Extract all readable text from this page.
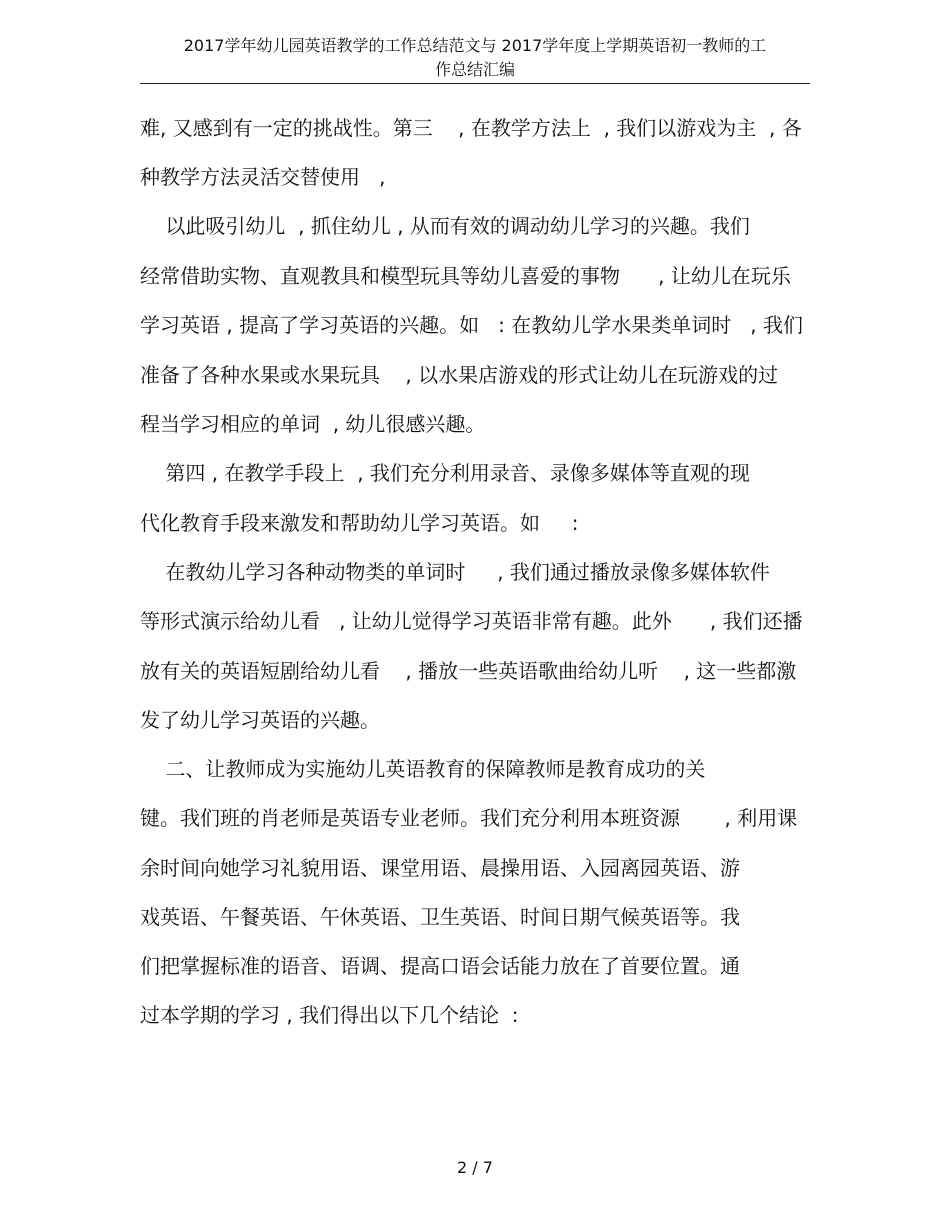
2017学年幼儿园英语教学的工作总结范文与 2017学年度上学期英语初一教师的工
作总结汇编
难, 又感到有一定的挑战性。第三    , 在教学方法上  , 我们以游戏为主  , 各
种教学方法灵活交替使用   ,
以此吸引幼儿  , 抓住幼儿 , 从而有效的调动幼儿学习的兴趣。我们
经常借助实物、直观教具和模型玩具等幼儿喜爱的事物      , 让幼儿在玩乐
学习英语 , 提高了学习英语的兴趣。如   : 在教幼儿学水果类单词时   , 我们
准备了各种水果或水果玩具    , 以水果店游戏的形式让幼儿在玩游戏的过
程当学习相应的单词  , 幼儿很感兴趣。
第四 , 在教学手段上  , 我们充分利用录音、录像多媒体等直观的现
代化教育手段来激发和帮助幼儿学习英语。如     :
在教幼儿学习各种动物类的单词时     , 我们通过播放录像多媒体软件
等形式演示给幼儿看   , 让幼儿觉得学习英语非常有趣。此外      , 我们还播
放有关的英语短剧给幼儿看    , 播放一些英语歌曲给幼儿听    , 这一些都激
发了幼儿学习英语的兴趣。
二、让教师成为实施幼儿英语教育的保障教师是教育成功的关
键。我们班的肖老师是英语专业老师。我们充分利用本班资源       , 利用课
余时间向她学习礼貌用语、课堂用语、晨操用语、入园离园英语、游
戏英语、午餐英语、午休英语、卫生英语、时间日期气候英语等。我
们把掌握标准的语音、语调、提高口语会话能力放在了首要位置。通
过本学期的学习 , 我们得出以下几个结论  :
2 / 7
